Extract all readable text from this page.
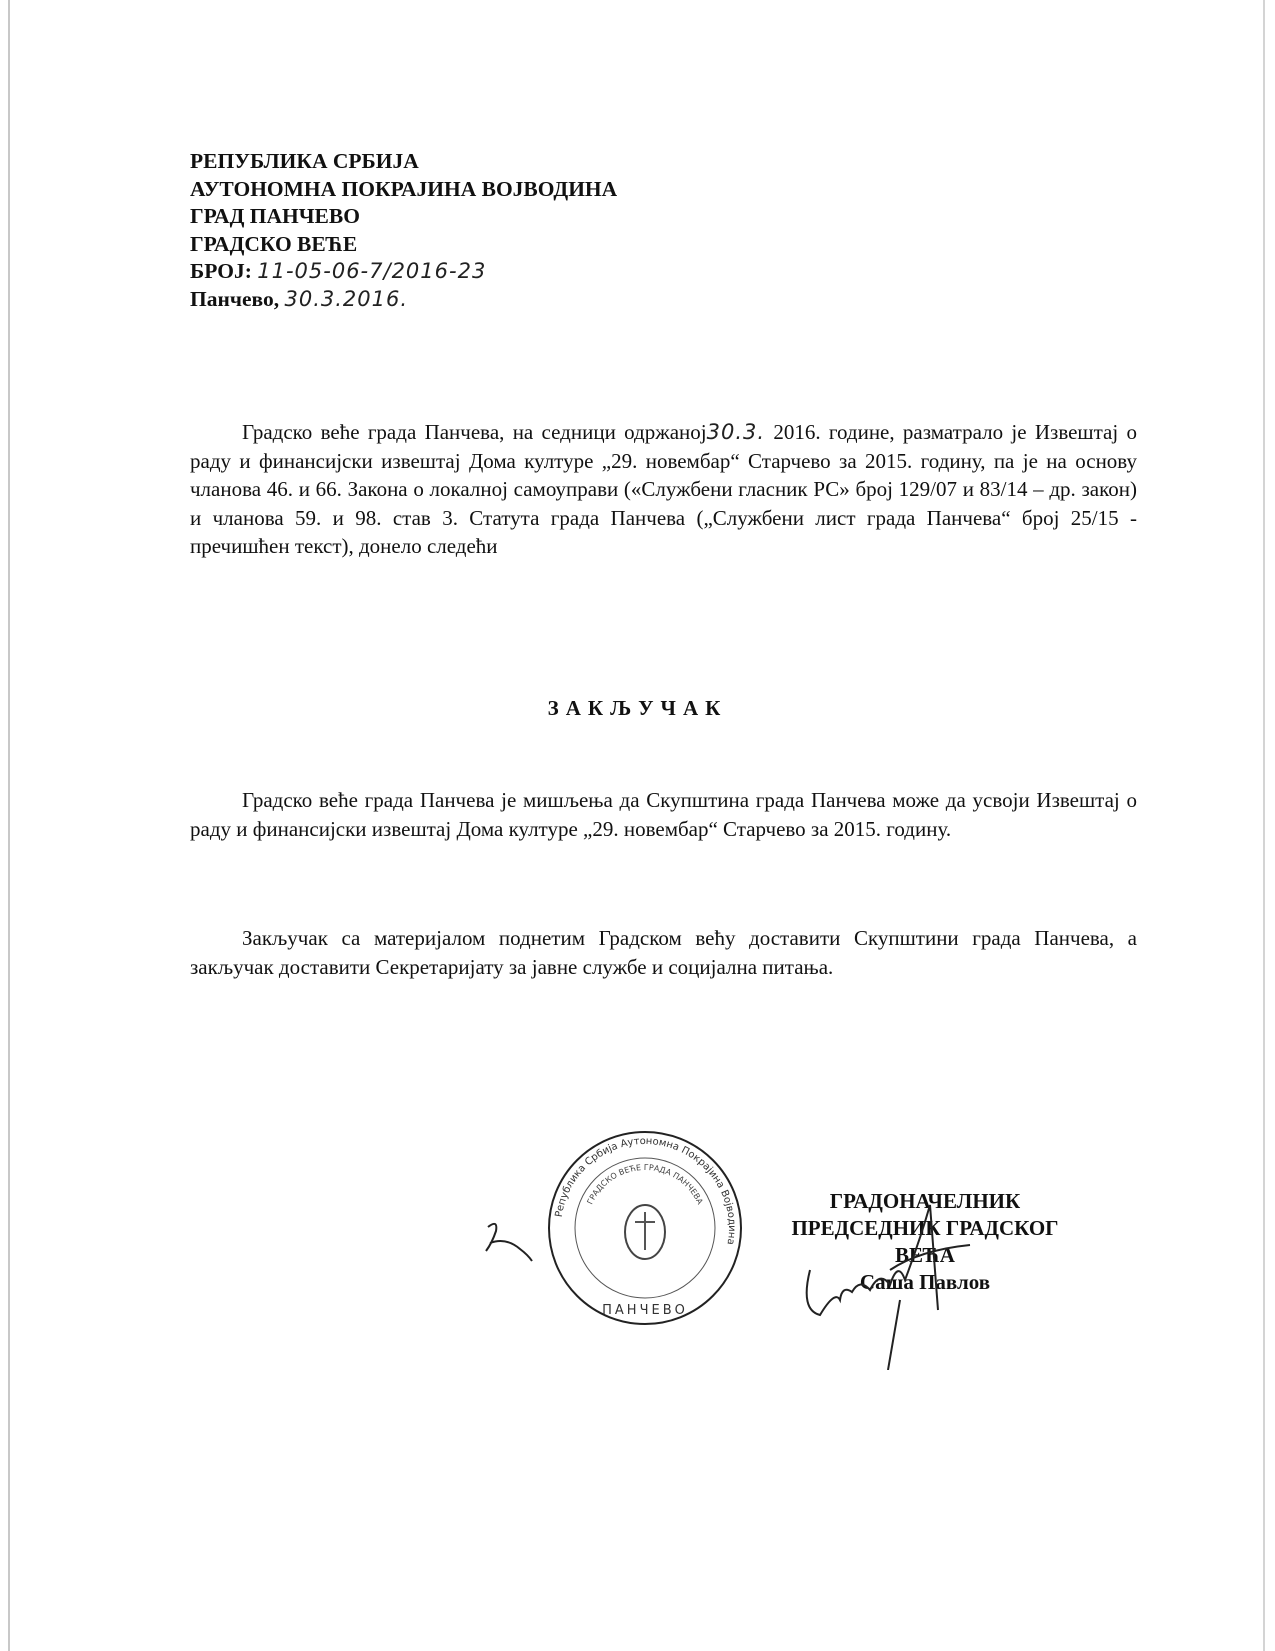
РЕПУБЛИКА СРБИЈА
АУТОНОМНА ПОКРАЈИНА ВОЈВОДИНА
ГРАД ПАНЧЕВО
ГРАДСКО ВЕЋЕ
БРОЈ: 11-05-06-7/2016-23
Панчево, 30.3.2016.
Градско веће града Панчева, на седници одржаној30.3. 2016. године, разматрало је Извештај о раду и финансијски извештај Дома културе „29. новембар“ Старчево за 2015. годину, па је на основу чланова 46. и 66. Закона о локалној самоуправи («Службени гласник РС» број 129/07 и 83/14 – др. закон) и чланова 59. и 98. став 3. Статута града Панчева („Службени лист града Панчева“ број 25/15 - пречишћен текст), донело следећи
ЗАКЉУЧАК
Градско веће града Панчева је мишљења да Скупштина града Панчева може да усвоји Извештај о раду и финансијски извештај Дома културе „29. новембар“ Старчево за 2015. годину.
Закључак са материјалом поднетим Градском већу доставити Скупштини града Панчева, а закључак доставити Секретаријату за јавне службе и социјална питања.
Република Србија Аутономна Покрајина Војводина
ГРАДСКО ВЕЋЕ ГРАДА ПАНЧЕВА
ПАНЧЕВО
ГРАДОНАЧЕЛНИК
ПРЕДСЕДНИК ГРАДСКОГ ВЕЋА
Саша Павлов
